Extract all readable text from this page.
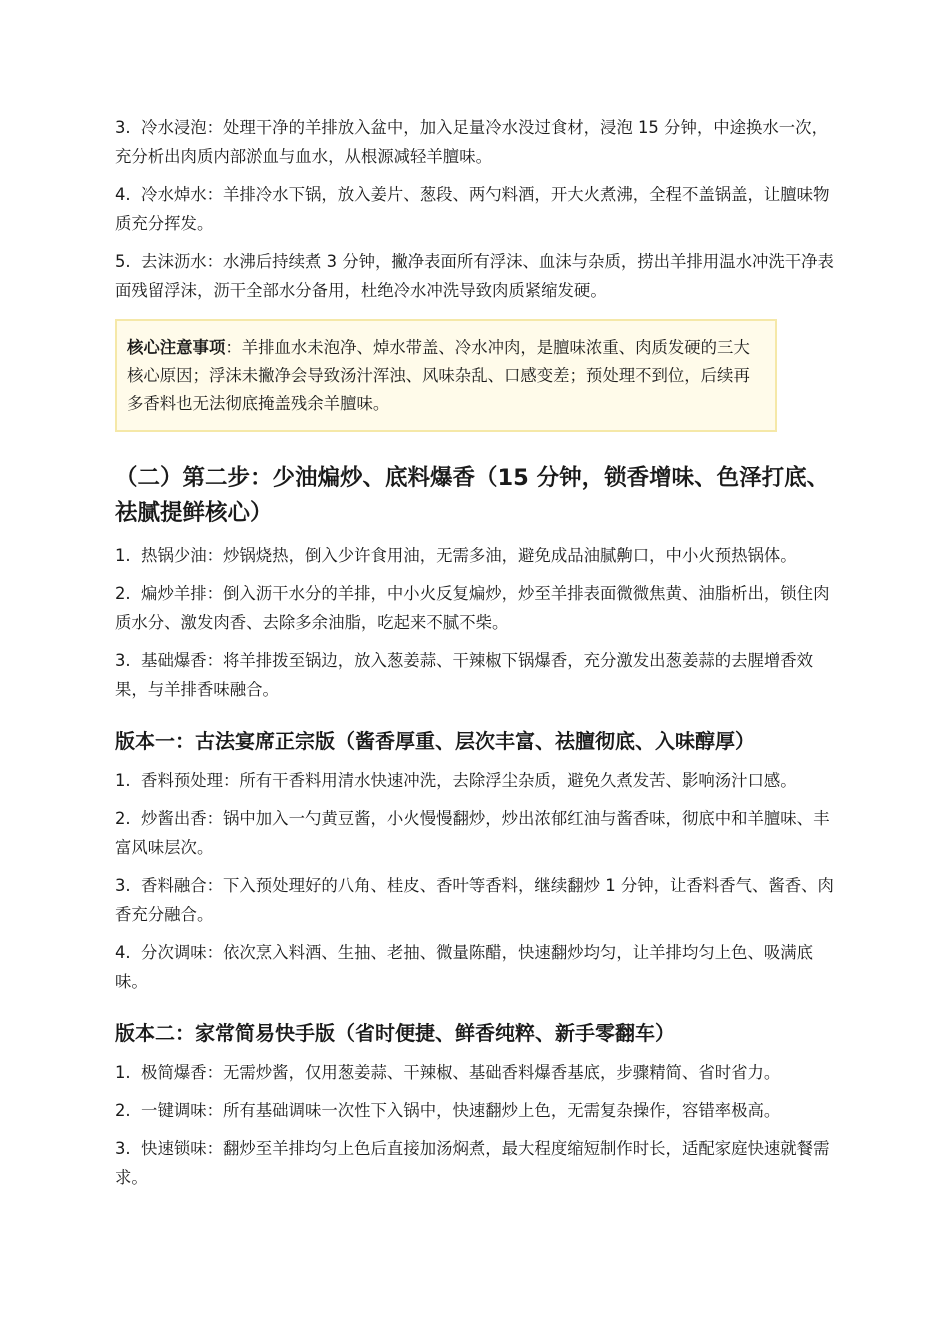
3.  冷水浸泡：处理干净的羊排放入盆中，加入足量冷水没过食材，浸泡 15 分钟，中途换水一次，充分析出肉质内部淤血与血水，从根源减轻羊膻味。

4.  冷水焯水：羊排冷水下锅，放入姜片、葱段、两勺料酒，开大火煮沸，全程不盖锅盖，让膻味物质充分挥发。

5.  去沫沥水：水沸后持续煮 3 分钟，撇净表面所有浮沫、血沫与杂质，捞出羊排用温水冲洗干净表面残留浮沫，沥干全部水分备用，杜绝冷水冲洗导致肉质紧缩发硬。

核心注意事项：羊排血水未泡净、焯水带盖、冷水冲肉，是膻味浓重、肉质发硬的三大核心原因；浮沫未撇净会导致汤汁浑浊、风味杂乱、口感变差；预处理不到位，后续再多香料也无法彻底掩盖残余羊膻味。
（二）第二步：少油煸炒、底料爆香（15 分钟，锁香增味、色泽打底、祛腻提鲜核心）

1.  热锅少油：炒锅烧热，倒入少许食用油，无需多油，避免成品油腻齁口，中小火预热锅体。

2.  煸炒羊排：倒入沥干水分的羊排，中小火反复煸炒，炒至羊排表面微微焦黄、油脂析出，锁住肉质水分、激发肉香、去除多余油脂，吃起来不腻不柴。

3.  基础爆香：将羊排拨至锅边，放入葱姜蒜、干辣椒下锅爆香，充分激发出葱姜蒜的去腥增香效果，与羊排香味融合。

版本一：古法宴席正宗版（酱香厚重、层次丰富、祛膻彻底、入味醇厚）

1.  香料预处理：所有干香料用清水快速冲洗，去除浮尘杂质，避免久煮发苦、影响汤汁口感。

2.  炒酱出香：锅中加入一勺黄豆酱，小火慢慢翻炒，炒出浓郁红油与酱香味，彻底中和羊膻味、丰富风味层次。

3.  香料融合：下入预处理好的八角、桂皮、香叶等香料，继续翻炒 1 分钟，让香料香气、酱香、肉香充分融合。

4.  分次调味：依次烹入料酒、生抽、老抽、微量陈醋，快速翻炒均匀，让羊排均匀上色、吸满底味。

版本二：家常简易快手版（省时便捷、鲜香纯粹、新手零翻车）

1.  极简爆香：无需炒酱，仅用葱姜蒜、干辣椒、基础香料爆香基底，步骤精简、省时省力。

2.  一键调味：所有基础调味一次性下入锅中，快速翻炒上色，无需复杂操作，容错率极高。

3.  快速锁味：翻炒至羊排均匀上色后直接加汤焖煮，最大程度缩短制作时长，适配家庭快速就餐需求。
